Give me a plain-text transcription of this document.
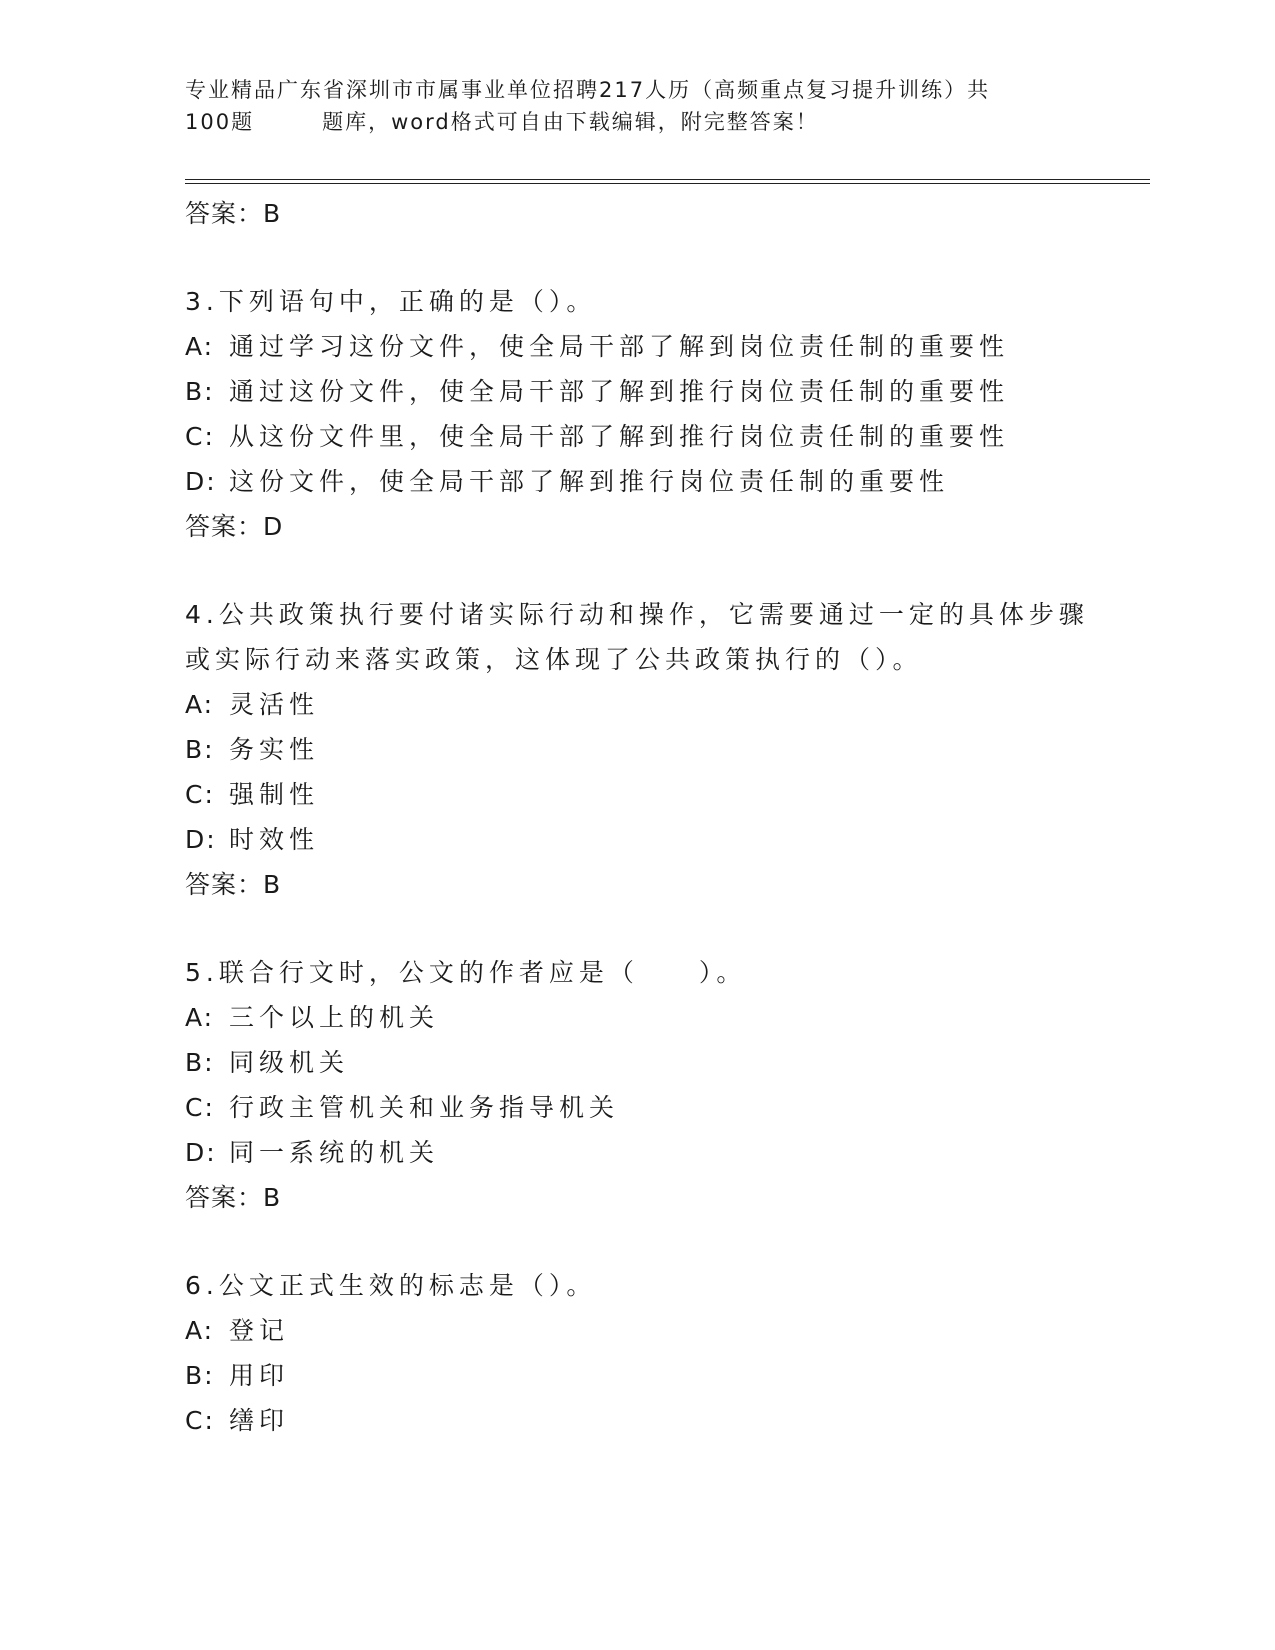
专业精品广东省深圳市市属事业单位招聘217人历（高频重点复习提升训练）共
100题	题库，word格式可自由下载编辑，附完整答案！
答案：B
3.下列语句中，正确的是（）。
A: 通过学习这份文件，使全局干部了解到岗位责任制的重要性
B: 通过这份文件，使全局干部了解到推行岗位责任制的重要性
C: 从这份文件里，使全局干部了解到推行岗位责任制的重要性
D: 这份文件，使全局干部了解到推行岗位责任制的重要性
答案：D
4.公共政策执行要付诸实际行动和操作，它需要通过一定的具体步骤
或实际行动来落实政策，这体现了公共政策执行的（）。
A: 灵活性
B: 务实性
C: 强制性
D: 时效性
答案：B
5.联合行文时，公文的作者应是（　　）。
A: 三个以上的机关
B: 同级机关
C: 行政主管机关和业务指导机关
D: 同一系统的机关
答案：B
6.公文正式生效的标志是（）。
A: 登记
B: 用印
C: 缮印
